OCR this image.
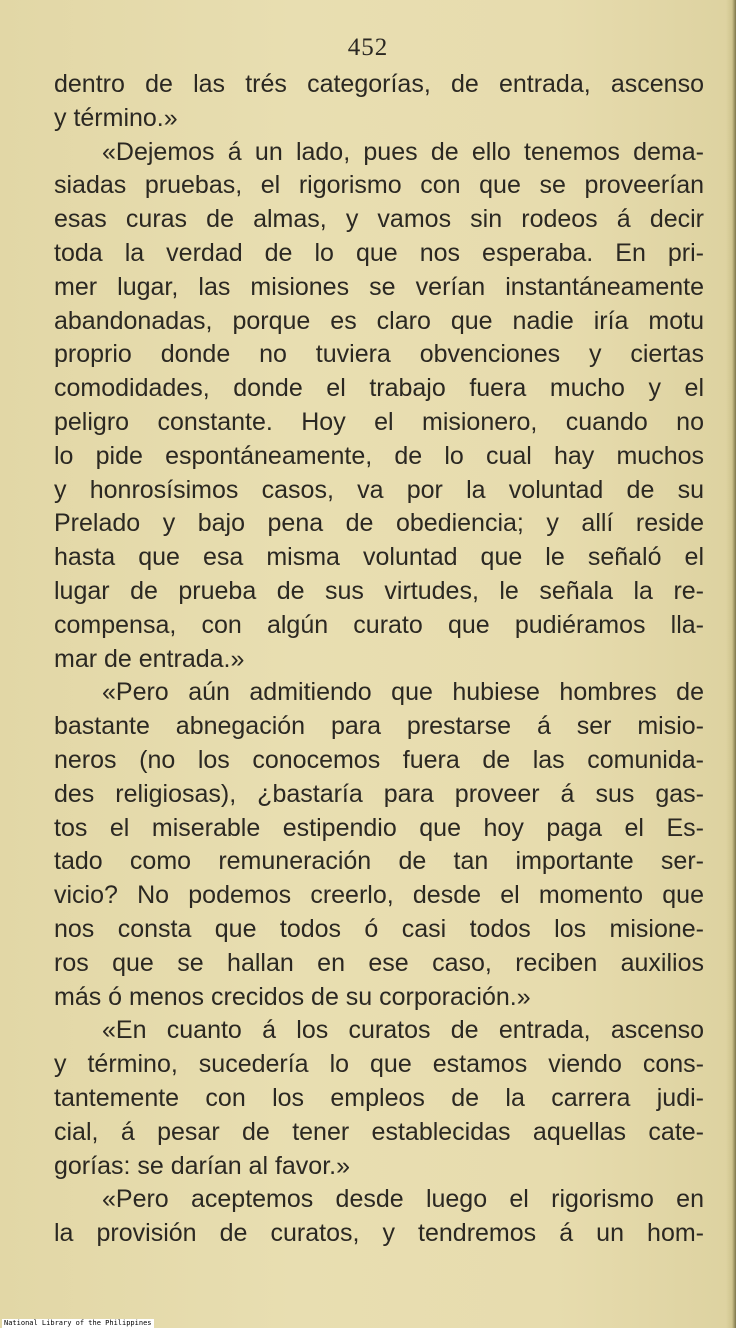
452
dentro de las trés categorías, de entrada, ascenso
y término.»
«Dejemos á un lado, pues de ello tenemos dema-
siadas pruebas, el rigorismo con que se proveerían
esas curas de almas, y vamos sin rodeos á decir
toda la verdad de lo que nos esperaba. En pri-
mer lugar, las misiones se verían instantáneamente
abandonadas, porque es claro que nadie iría motu
proprio donde no tuviera obvenciones y ciertas
comodidades, donde el trabajo fuera mucho y el
peligro constante. Hoy el misionero, cuando no
lo pide espontáneamente, de lo cual hay muchos
y honrosísimos casos, va por la voluntad de su
Prelado y bajo pena de obediencia; y allí reside
hasta que esa misma voluntad que le señaló el
lugar de prueba de sus virtudes, le señala la re-
compensa, con algún curato que pudiéramos lla-
mar de entrada.»
«Pero aún admitiendo que hubiese hombres de
bastante abnegación para prestarse á ser misio-
neros (no los conocemos fuera de las comunida-
des religiosas), ¿bastaría para proveer á sus gas-
tos el miserable estipendio que hoy paga el Es-
tado como remuneración de tan importante ser-
vicio? No podemos creerlo, desde el momento que
nos consta que todos ó casi todos los misione-
ros que se hallan en ese caso, reciben auxilios
más ó menos crecidos de su corporación.»
«En cuanto á los curatos de entrada, ascenso
y término, sucedería lo que estamos viendo cons-
tantemente con los empleos de la carrera judi-
cial, á pesar de tener establecidas aquellas cate-
gorías: se darían al favor.»
«Pero aceptemos desde luego el rigorismo en
la provisión de curatos, y tendremos á un hom-
National Library of the Philippines
